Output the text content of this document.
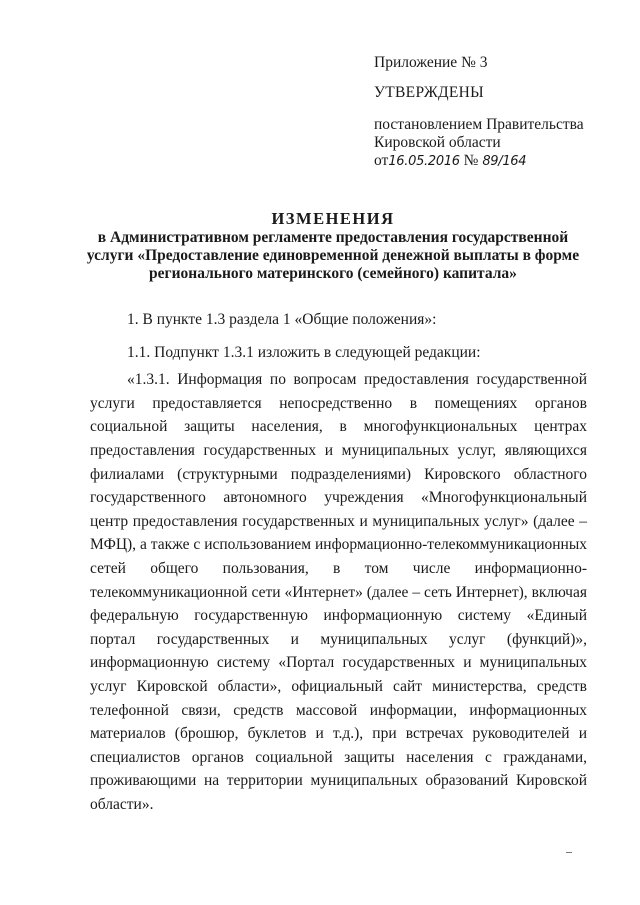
Приложение № 3
УТВЕРЖДЕНЫ
постановлением Правительства
Кировской области
от16.05.2016 № 89/164
ИЗМЕНЕНИЯ
в Административном регламенте предоставления государственной
услуги «Предоставление единовременной денежной выплаты в форме
регионального материнского (семейного) капитала»

1. В пункте 1.3 раздела 1 «Общие положения»:

1.1. Подпункт 1.3.1 изложить в следующей редакции:

«1.3.1. Информация по вопросам предоставления государственной услуги предоставляется непосредственно в помещениях органов социальной защиты населения, в многофункциональных центрах предоставления государственных и муниципальных услуг, являющихся филиалами (структурными подразделениями) Кировского областного государственного автономного учреждения «Многофункциональный центр предоставления государственных и муниципальных услуг» (далее – МФЦ), а также с использованием информационно-телекоммуникационных сетей общего пользования, в том числе информационно-телекоммуникационной сети «Интернет» (далее – сеть Интернет), включая федеральную государственную информационную систему «Единый портал государственных и муниципальных услуг (функций)», информационную систему «Портал государственных и муниципальных услуг Кировской области», официальный сайт министерства, средств телефонной связи, средств массовой информации, информационных материалов (брошюр, буклетов и т.д.), при встречах руководителей и специалистов органов социальной защиты населения с гражданами, проживающими на территории муниципальных образований Кировской области».
